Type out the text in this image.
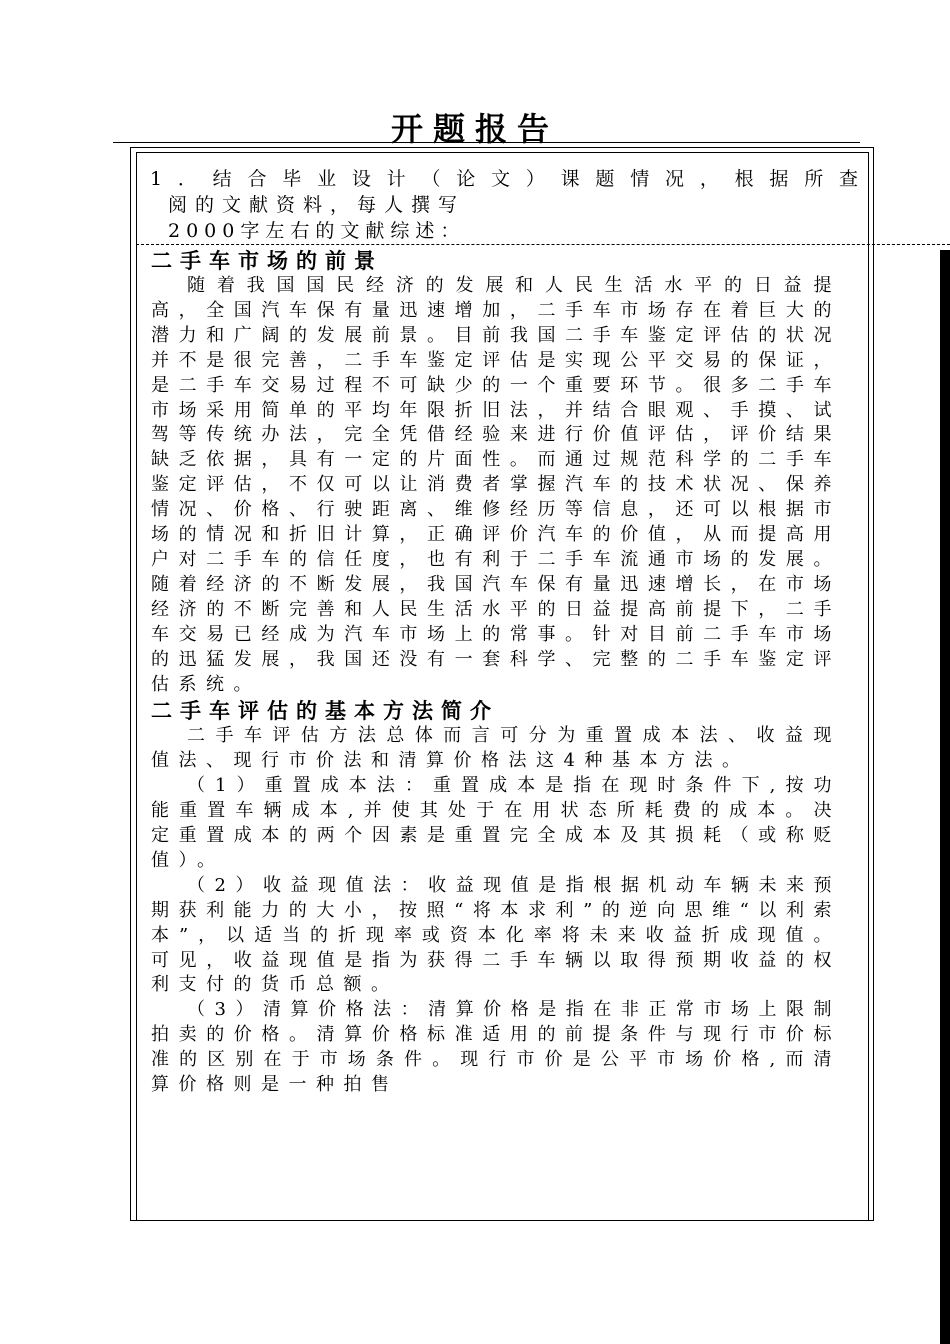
开题报告
1．结合毕业设计（论文）课题情况，根据所查
阅的文献资料，每人撰写
2000字左右的文献综述：
二手车市场的前景

随着我国国民经济的发展和人民生活水平的日益提高，全国汽车保有量迅速增加，二手车市场存在着巨大的潜力和广阔的发展前景。目前我国二手车鉴定评估的状况并不是很完善，二手车鉴定评估是实现公平交易的保证，是二手车交易过程不可缺少的一个重要环节。很多二手车市场采用简单的平均年限折旧法，并结合眼观、手摸、试驾等传统办法，完全凭借经验来进行价值评估，评价结果缺乏依据，具有一定的片面性。而通过规范科学的二手车鉴定评估，不仅可以让消费者掌握汽车的技术状况、保养情况、价格、行驶距离、维修经历等信息，还可以根据市场的情况和折旧计算，正确评价汽车的价值，从而提高用户对二手车的信任度，也有利于二手车流通市场的发展。随着经济的不断发展，我国汽车保有量迅速增长，在市场经济的不断完善和人民生活水平的日益提高前提下，二手车交易已经成为汽车市场上的常事。针对目前二手车市场的迅猛发展，我国还没有一套科学、完整的二手车鉴定评估系统。

二手车评估的基本方法简介

二手车评估方法总体而言可分为重置成本法、收益现值法、现行市价法和清算价格法这4种基本方法。

（1）重置成本法：重置成本是指在现时条件下,按功能重置车辆成本,并使其处于在用状态所耗费的成本。决定重置成本的两个因素是重置完全成本及其损耗（或称贬值）。

（2）收益现值法：收益现值是指根据机动车辆未来预期获利能力的大小，按照“将本求利”的逆向思维“以利索本”，以适当的折现率或资本化率将未来收益折成现值。可见，收益现值是指为获得二手车辆以取得预期收益的权利支付的货币总额。

（3）清算价格法：清算价格是指在非正常市场上限制拍卖的价格。清算价格标准适用的前提条件与现行市价标准的区别在于市场条件。现行市价是公平市场价格,而清算价格则是一种拍售
